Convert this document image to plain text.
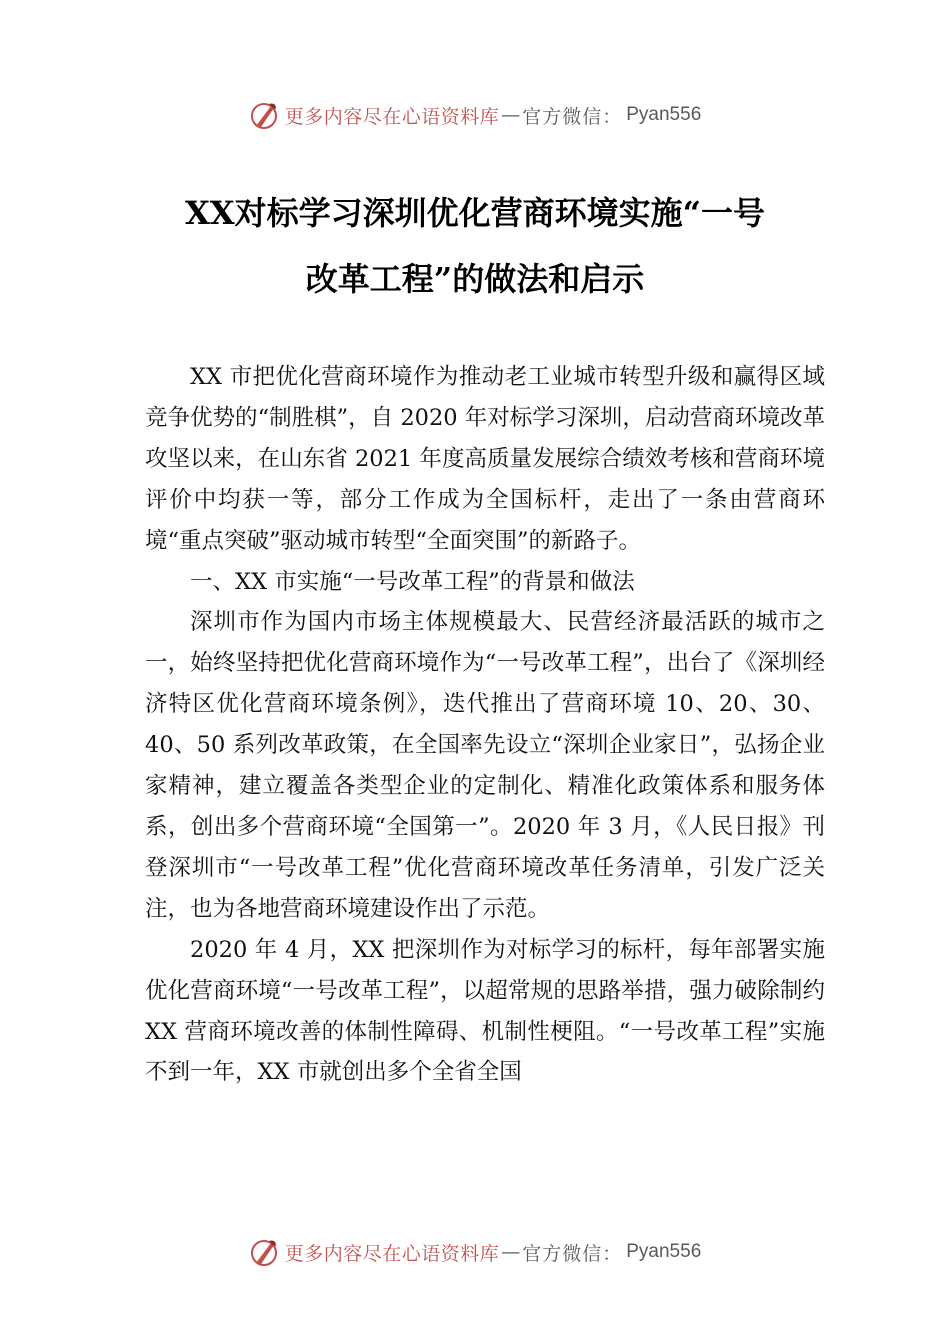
更多内容尽在心语资料库 — 官方微信： Pyan556
XX对标学习深圳优化营商环境实施“一号
改革工程”的做法和启示

XX 市把优化营商环境作为推动老工业城市转型升级和赢得区域竞争优势的“制胜棋”，自 2020 年对标学习深圳，启动营商环境改革攻坚以来，在山东省 2021 年度高质量发展综合绩效考核和营商环境评价中均获一等，部分工作成为全国标杆，走出了一条由营商环境“重点突破”驱动城市转型“全面突围”的新路子。

一、XX 市实施“一号改革工程”的背景和做法

深圳市作为国内市场主体规模最大、民营经济最活跃的城市之一，始终坚持把优化营商环境作为“一号改革工程”，出台了《深圳经济特区优化营商环境条例》，迭代推出了营商环境 10、20、30、40、50 系列改革政策，在全国率先设立“深圳企业家日”，弘扬企业家精神，建立覆盖各类型企业的定制化、精准化政策体系和服务体系，创出多个营商环境“全国第一”。2020 年 3 月，《人民日报》刊登深圳市“一号改革工程”优化营商环境改革任务清单，引发广泛关注，也为各地营商环境建设作出了示范。

2020 年 4 月，XX 把深圳作为对标学习的标杆，每年部署实施优化营商环境“一号改革工程”，以超常规的思路举措，强力破除制约 XX 营商环境改善的体制性障碍、机制性梗阻。“一号改革工程”实施不到一年，XX 市就创出多个全省全国

更多内容尽在心语资料库 — 官方微信： Pyan556
